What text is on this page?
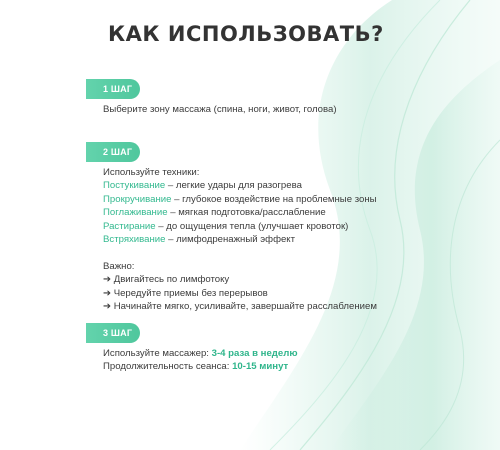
КАК ИСПОЛЬЗОВАТЬ?
1 ШАГ
Выберите зону массажа (спина, ноги, живот, голова)
2 ШАГ
Используйте техники:
Постукивание – легкие удары для разогрева
Прокручивание – глубокое воздействие на проблемные зоны
Поглаживание – мягкая подготовка/расслабление
Растирание – до ощущения тепла (улучшает кровоток)
Встряхивание – лимфодренажный эффект

Важно:
➔ Двигайтесь по лимфотоку
➔ Чередуйте приемы без перерывов
➔ Начинайте мягко, усиливайте, завершайте расслаблением
3 ШАГ
Используйте массажер: 3-4 раза в неделю
Продолжительность сеанса: 10-15 минут
